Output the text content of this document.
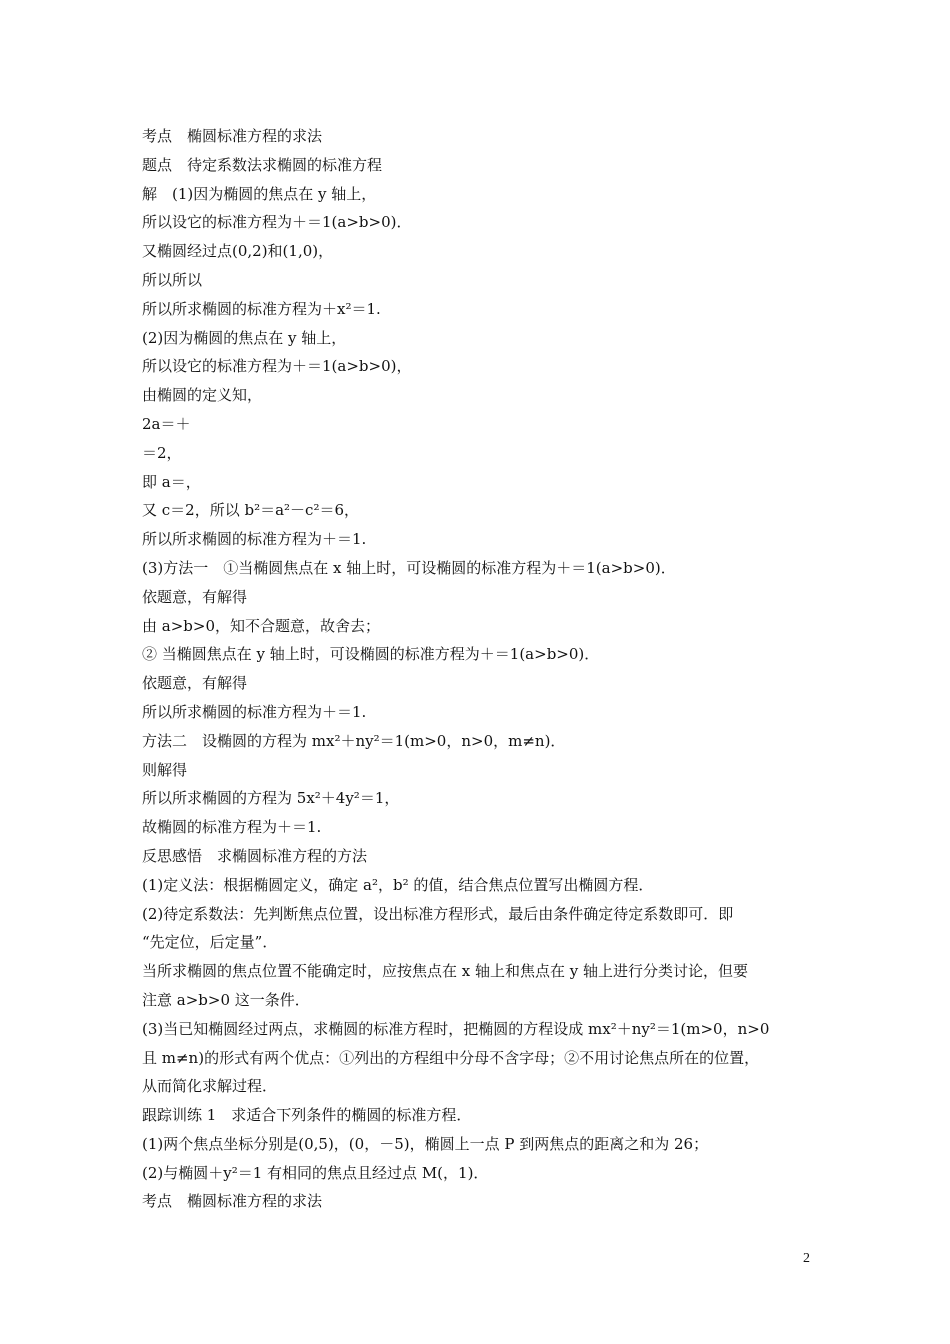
考点　椭圆标准方程的求法
题点　待定系数法求椭圆的标准方程
解　(1)因为椭圆的焦点在 y 轴上，
所以设它的标准方程为＋＝1(a>b>0)．
又椭圆经过点(0,2)和(1,0)，
所以所以
所以所求椭圆的标准方程为＋x²＝1.
(2)因为椭圆的焦点在 y 轴上，
所以设它的标准方程为＋＝1(a>b>0)，
由椭圆的定义知，
2a＝＋
＝2，
即 a＝，
又 c＝2，所以 b²＝a²－c²＝6，
所以所求椭圆的标准方程为＋＝1.
(3)方法一　①当椭圆焦点在 x 轴上时，可设椭圆的标准方程为＋＝1(a>b>0)．
依题意，有解得
由 a>b>0，知不合题意，故舍去；
② 当椭圆焦点在 y 轴上时，可设椭圆的标准方程为＋＝1(a>b>0)．
依题意，有解得
所以所求椭圆的标准方程为＋＝1.
方法二　设椭圆的方程为 mx²＋ny²＝1(m>0，n>0，m≠n)．
则解得
所以所求椭圆的方程为 5x²＋4y²＝1，
故椭圆的标准方程为＋＝1.
反思感悟　求椭圆标准方程的方法
(1)定义法：根据椭圆定义，确定 a²，b² 的值，结合焦点位置写出椭圆方程．
(2)待定系数法：先判断焦点位置，设出标准方程形式，最后由条件确定待定系数即可．即
“先定位，后定量”．
当所求椭圆的焦点位置不能确定时，应按焦点在 x 轴上和焦点在 y 轴上进行分类讨论，但要
注意 a>b>0 这一条件．
(3)当已知椭圆经过两点，求椭圆的标准方程时，把椭圆的方程设成 mx²＋ny²＝1(m>0，n>0
且 m≠n)的形式有两个优点：①列出的方程组中分母不含字母；②不用讨论焦点所在的位置，
从而简化求解过程．
跟踪训练 1　求适合下列条件的椭圆的标准方程．
(1)两个焦点坐标分别是(0,5)，(0，－5)，椭圆上一点 P 到两焦点的距离之和为 26；
(2)与椭圆＋y²＝1 有相同的焦点且经过点 M(，1)．
考点　椭圆标准方程的求法
2
